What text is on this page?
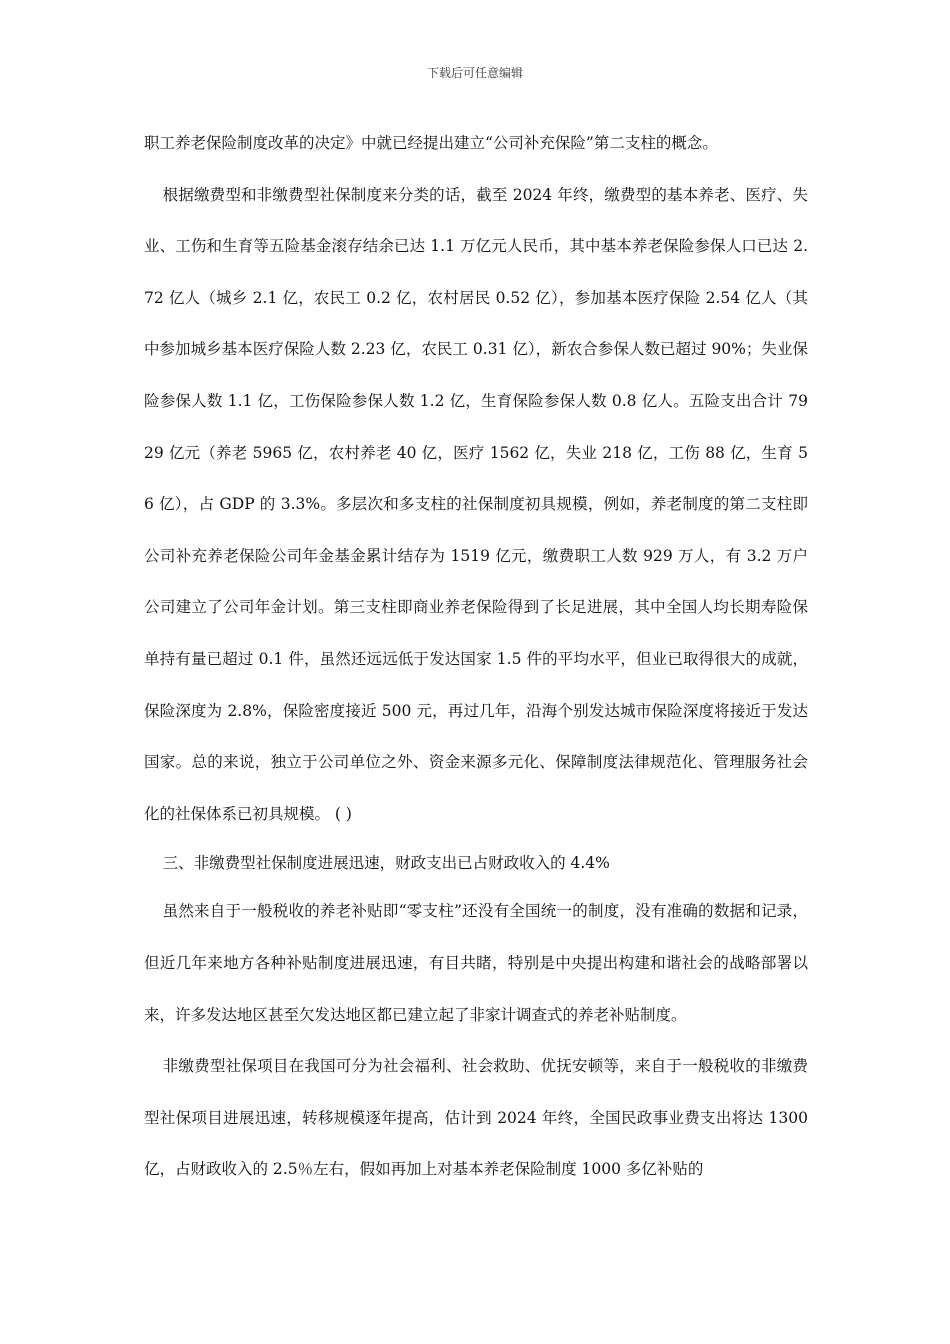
下载后可任意编辑

职工养老保险制度改革的决定》中就已经提出建立“公司补充保险”第二支柱的概念。

根据缴费型和非缴费型社保制度来分类的话，截至 2024 年终，缴费型的基本养老、医疗、失业、工伤和生育等五险基金滚存结余已达 1.1 万亿元人民币，其中基本养老保险参保人口已达 2.72 亿人（城乡 2.1 亿，农民工 0.2 亿，农村居民 0.52 亿），参加基本医疗保险 2.54 亿人（其中参加城乡基本医疗保险人数 2.23 亿，农民工 0.31 亿），新农合参保人数已超过 90%；失业保险参保人数 1.1 亿，工伤保险参保人数 1.2 亿，生育保险参保人数 0.8 亿人。五险支出合计 7929 亿元（养老 5965 亿，农村养老 40 亿，医疗 1562 亿，失业 218 亿，工伤 88 亿，生育 56 亿），占 GDP 的 3.3%。多层次和多支柱的社保制度初具规模，例如，养老制度的第二支柱即公司补充养老保险公司年金基金累计结存为 1519 亿元，缴费职工人数 929 万人，有 3.2 万户公司建立了公司年金计划。第三支柱即商业养老保险得到了长足进展，其中全国人均长期寿险保单持有量已超过 0.1 件，虽然还远远低于发达国家 1.5 件的平均水平，但业已取得很大的成就，保险深度为 2.8%，保险密度接近 500 元，再过几年，沿海个别发达城市保险深度将接近于发达国家。总的来说，独立于公司单位之外、资金来源多元化、保障制度法律规范化、管理服务社会化的社保体系已初具规模。 ( )

三、非缴费型社保制度进展迅速，财政支出已占财政收入的 4.4%

虽然来自于一般税收的养老补贴即“零支柱”还没有全国统一的制度，没有准确的数据和记录，但近几年来地方各种补贴制度进展迅速，有目共睹，特别是中央提出构建和谐社会的战略部署以来，许多发达地区甚至欠发达地区都已建立起了非家计调查式的养老补贴制度。

非缴费型社保项目在我国可分为社会福利、社会救助、优抚安顿等，来自于一般税收的非缴费型社保项目进展迅速，转移规模逐年提高，估计到 2024 年终，全国民政事业费支出将达 1300 亿，占财政收入的 2.5％左右，假如再加上对基本养老保险制度 1000 多亿补贴的
